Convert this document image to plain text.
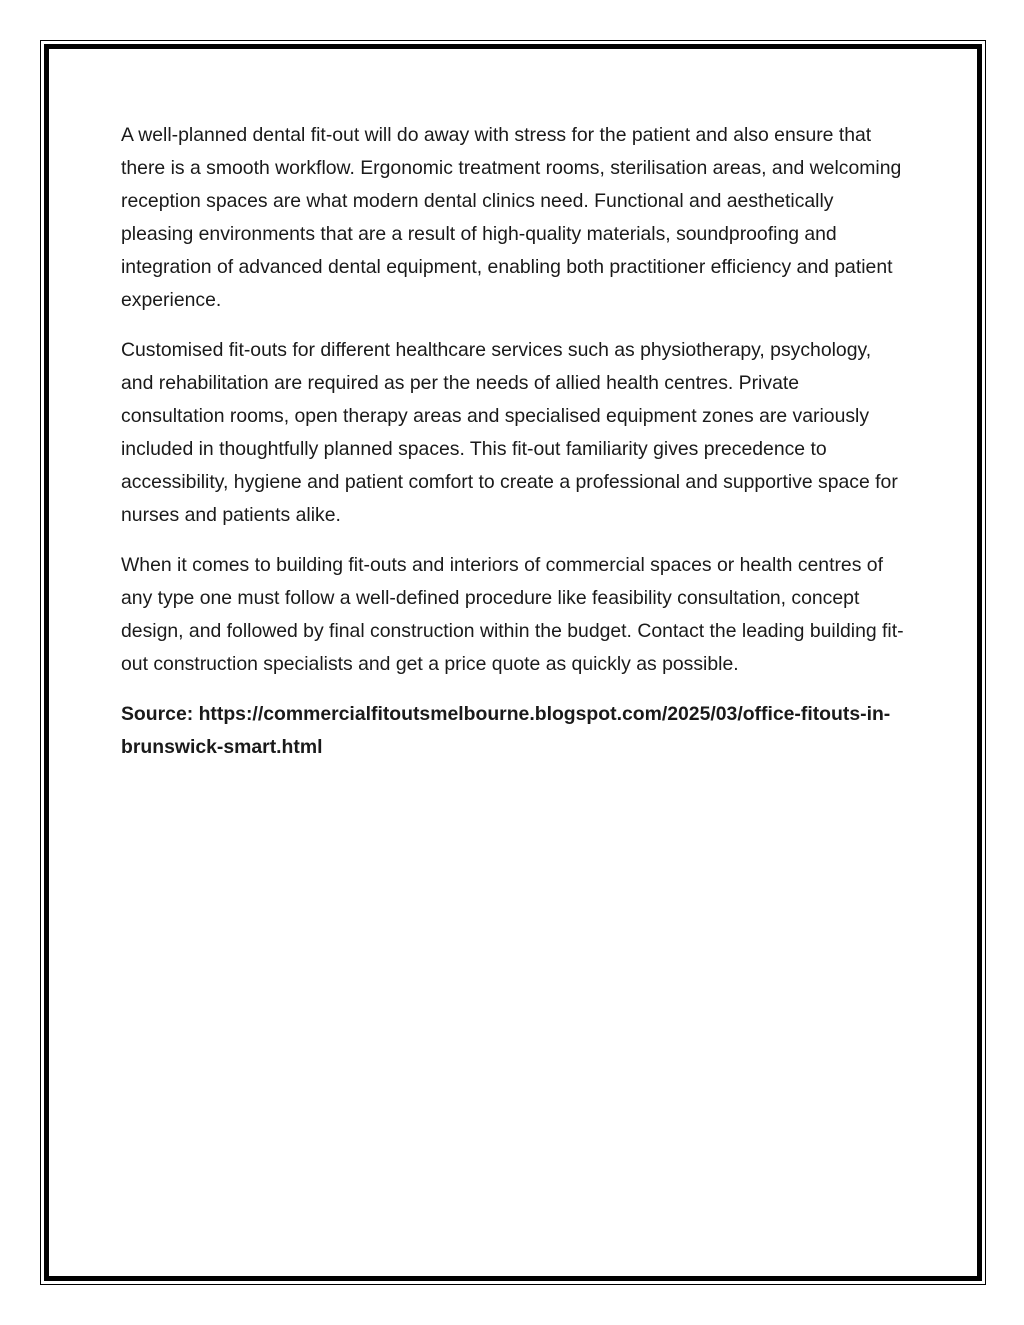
A well-planned dental fit-out will do away with stress for the patient and also ensure that there is a smooth workflow. Ergonomic treatment rooms, sterilisation areas, and welcoming reception spaces are what modern dental clinics need. Functional and aesthetically pleasing environments that are a result of high-quality materials, soundproofing and integration of advanced dental equipment, enabling both practitioner efficiency and patient experience.

Customised fit-outs for different healthcare services such as physiotherapy, psychology, and rehabilitation are required as per the needs of allied health centres. Private consultation rooms, open therapy areas and specialised equipment zones are variously included in thoughtfully planned spaces. This fit-out familiarity gives precedence to accessibility, hygiene and patient comfort to create a professional and supportive space for nurses and patients alike.

When it comes to building fit-outs and interiors of commercial spaces or health centres of any type one must follow a well-defined procedure like feasibility consultation, concept design, and followed by final construction within the budget. Contact the leading building fit-out construction specialists and get a price quote as quickly as possible.

Source: https://commercialfitoutsmelbourne.blogspot.com/2025/03/office-fitouts-in-brunswick-smart.html
